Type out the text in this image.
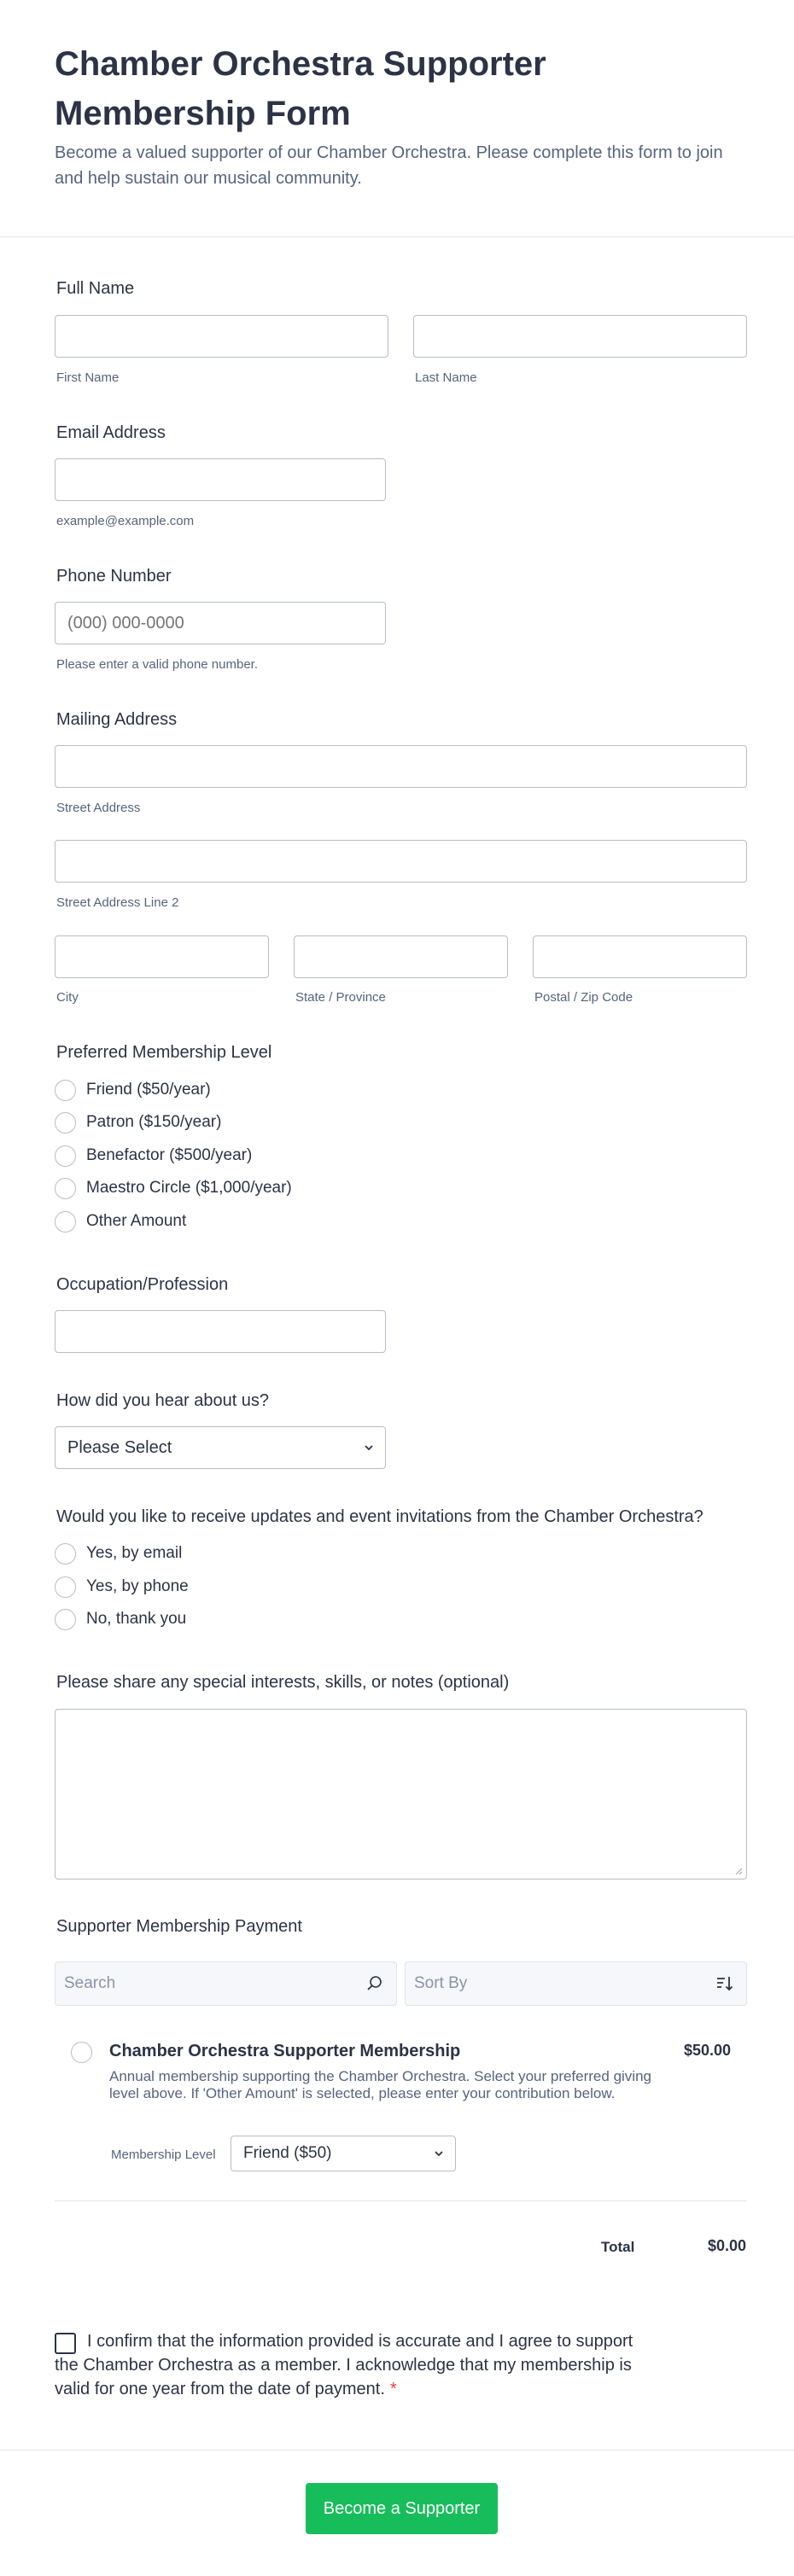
Chamber Orchestra Supporter Membership Form

Become a valued supporter of our Chamber Orchestra. Please complete this form to join and help sustain our musical community.

Full Name
First Name	Last Name
Email Address
example@example.com
Phone Number
(000) 000-0000
Please enter a valid phone number.
Mailing Address
Street Address
Street Address Line 2
City	State / Province	Postal / Zip Code
Preferred Membership Level
Friend ($50/year)
Patron ($150/year)
Benefactor ($500/year)
Maestro Circle ($1,000/year)
Other Amount
Occupation/Profession
How did you hear about us?
Please Select
Would you like to receive updates and event invitations from the Chamber Orchestra?
Yes, by email
Yes, by phone
No, thank you
Please share any special interests, skills, or notes (optional)
Supporter Membership Payment
Search	Sort By
Chamber Orchestra Supporter Membership	$50.00
Annual membership supporting the Chamber Orchestra. Select your preferred giving level above. If 'Other Amount' is selected, please enter your contribution below.
Membership Level	Friend ($50)
Total	$0.00
I confirm that the information provided is accurate and I agree to support the Chamber Orchestra as a member. I acknowledge that my membership is valid for one year from the date of payment. *
Become a Supporter
